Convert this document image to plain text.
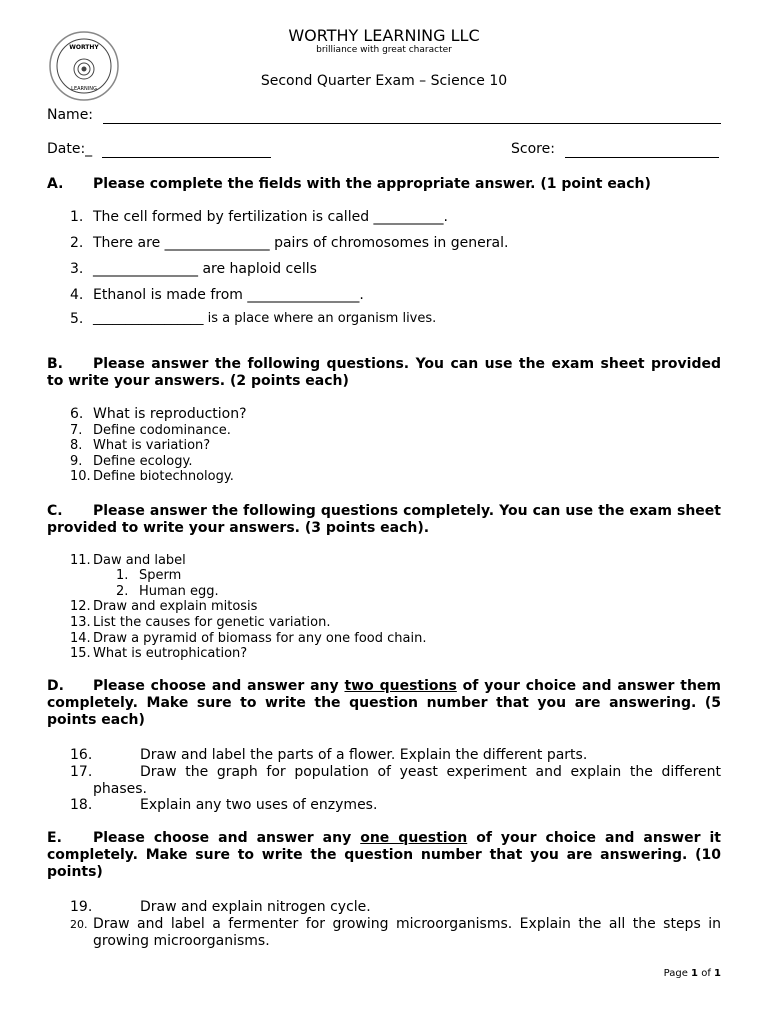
WORTHY
LEARNING
WORTHY LEARNING LLC
brilliance with great character
Second Quarter Exam – Science 10
Name:
Date:_	Score:
A. Please complete the fields with the appropriate answer. (1 point each)
1. The cell formed by fertilization is called __________.
2. There are _______________ pairs of chromosomes in general.
3. _______________ are haploid cells
4. Ethanol is made from ________________.
5. _________________ is a place where an organism lives.
B. Please answer the following questions. You can use the exam sheet provided to write your answers. (2 points each)
6. What is reproduction?
7. Define codominance.
8. What is variation?
9. Define ecology.
10. Define biotechnology.
C. Please answer the following questions completely. You can use the exam sheet provided to write your answers. (3 points each).
11. Daw and label
1. Sperm
2. Human egg.
12. Draw and explain mitosis
13. List the causes for genetic variation.
14. Draw a pyramid of biomass for any one food chain.
15. What is eutrophication?
D. Please choose and answer any two questions of your choice and answer them completely. Make sure to write the question number that you are answering. (5 points each)
16.	Draw and label the parts of a flower. Explain the different parts.
17.	Draw the graph for population of yeast experiment and explain the different phases.
18.	Explain any two uses of enzymes.
E. Please choose and answer any one question of your choice and answer it completely. Make sure to write the question number that you are answering. (10 points)
19.	Draw and explain nitrogen cycle.
20. Draw and label a fermenter for growing microorganisms. Explain the all the steps in growing microorganisms.
Page 1 of 1
